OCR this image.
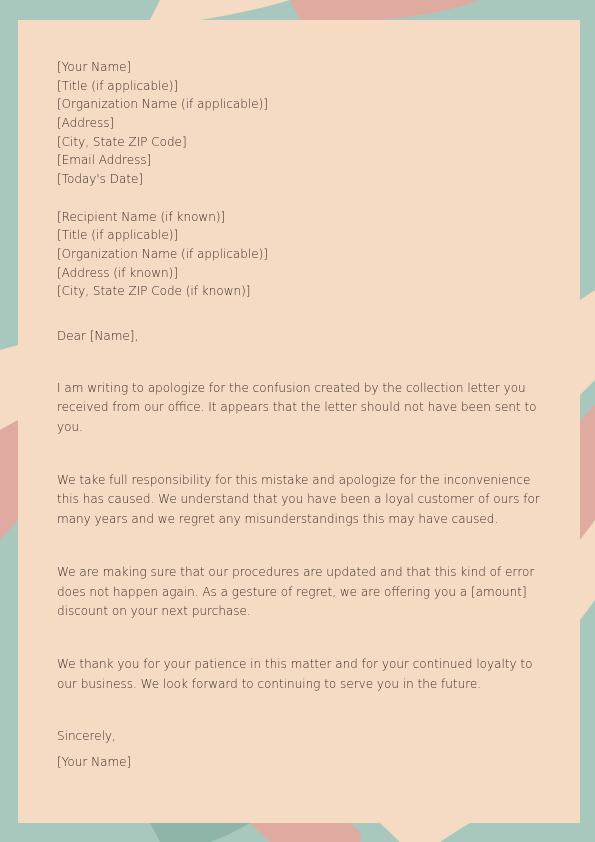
[Your Name]
[Title (if applicable)]
[Organization Name (if applicable)]
[Address]
[City, State ZIP Code]
[Email Address]
[Today's Date]
[Recipient Name (if known)]
[Title (if applicable)]
[Organization Name (if applicable)]
[Address (if known)]
[City, State ZIP Code (if known)]
Dear [Name],

I am writing to apologize for the confusion created by the collection letter you received from our office. It appears that the letter should not have been sent to you.

We take full responsibility for this mistake and apologize for the inconvenience this has caused. We understand that you have been a loyal customer of ours for many years and we regret any misunderstandings this may have caused.

We are making sure that our procedures are updated and that this kind of error does not happen again. As a gesture of regret, we are offering you a [amount] discount on your next purchase.

We thank you for your patience in this matter and for your continued loyalty to our business. We look forward to continuing to serve you in the future.

Sincerely,
[Your Name]
